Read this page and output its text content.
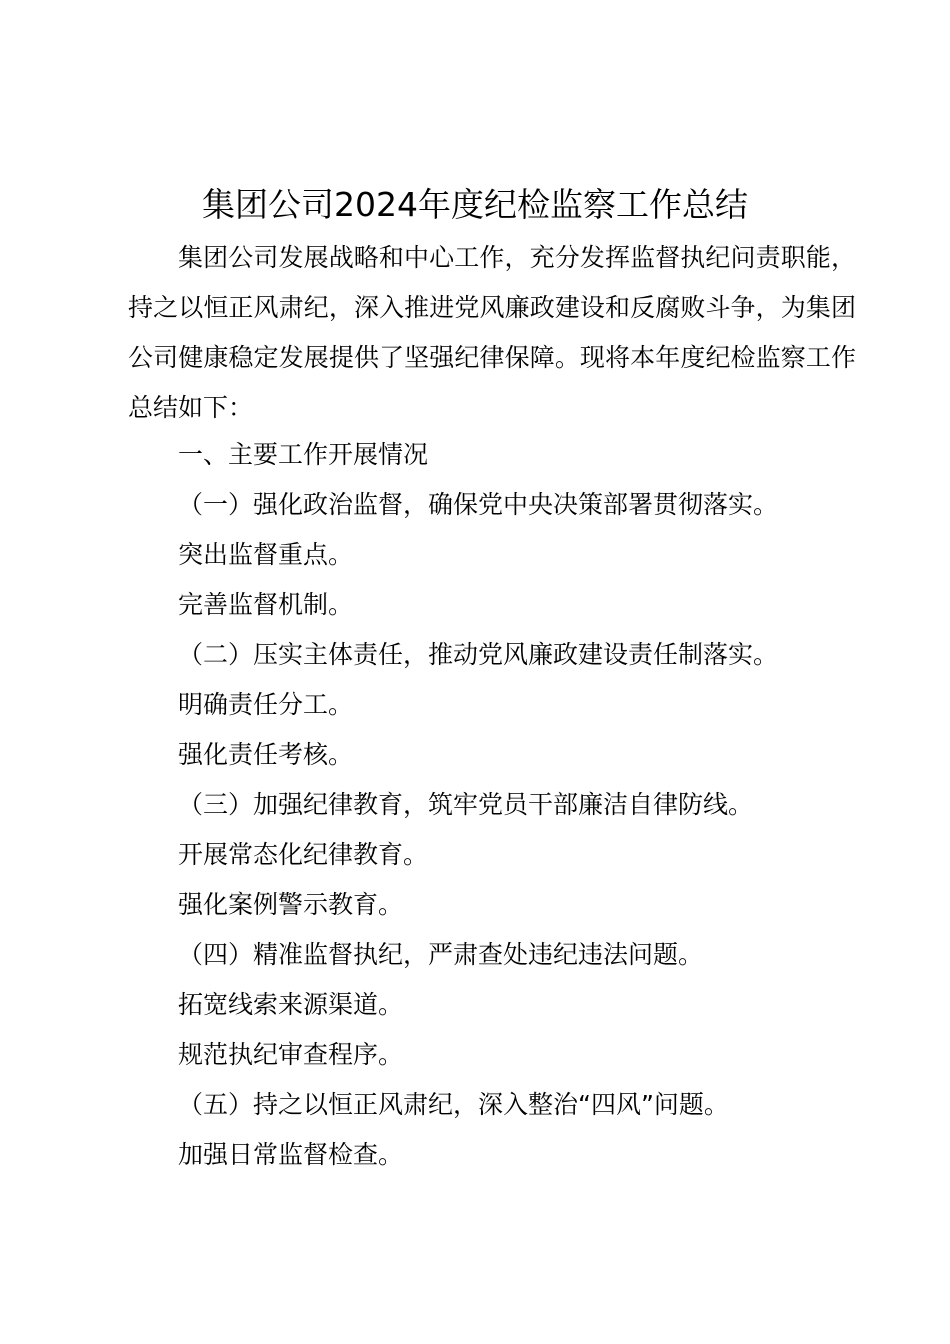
集团公司2024年度纪检监察工作总结

集团公司发展战略和中心工作，充分发挥监督执纪问责职能，持之以恒正风肃纪，深入推进党风廉政建设和反腐败斗争，为集团公司健康稳定发展提供了坚强纪律保障。现将本年度纪检监察工作总结如下：

一、主要工作开展情况

（一）强化政治监督，确保党中央决策部署贯彻落实。

突出监督重点。

完善监督机制。

（二）压实主体责任，推动党风廉政建设责任制落实。

明确责任分工。

强化责任考核。

（三）加强纪律教育，筑牢党员干部廉洁自律防线。

开展常态化纪律教育。

强化案例警示教育。

（四）精准监督执纪，严肃查处违纪违法问题。

拓宽线索来源渠道。

规范执纪审查程序。

（五）持之以恒正风肃纪，深入整治“四风”问题。

加强日常监督检查。
